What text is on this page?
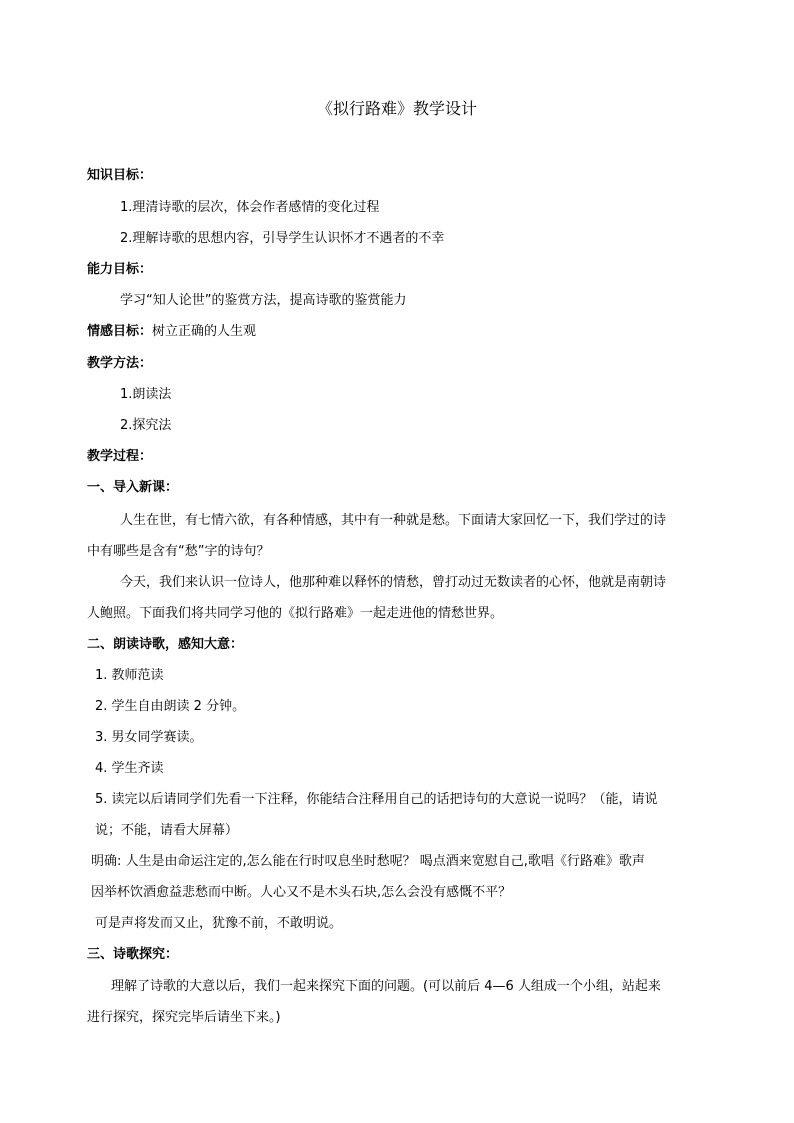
《拟行路难》教学设计
知识目标：
1.理清诗歌的层次，体会作者感情的变化过程
2.理解诗歌的思想内容，引导学生认识怀才不遇者的不幸
能力目标：
学习“知人论世”的鉴赏方法，提高诗歌的鉴赏能力
情感目标：树立正确的人生观
教学方法：
1.朗读法
2.探究法
教学过程：
一、导入新课：
人生在世，有七情六欲，有各种情感，其中有一种就是愁。下面请大家回忆一下，我们学过的诗
中有哪些是含有“愁”字的诗句？
今天，我们来认识一位诗人，他那种难以释怀的情愁，曾打动过无数读者的心怀，他就是南朝诗
人鲍照。下面我们将共同学习他的《拟行路难》一起走进他的情愁世界。
二、朗读诗歌，感知大意：
1. 教师范读
2. 学生自由朗读 2 分钟。
3. 男女同学赛读。
4. 学生齐读
5. 读完以后请同学们先看一下注释，你能结合注释用自己的话把诗句的大意说一说吗？（能，请说
说；不能，请看大屏幕）
明确: 人生是由命运注定的,怎么能在行时叹息坐时愁呢？ 喝点酒来宽慰自己,歌唱《行路难》歌声
因举杯饮酒愈益悲愁而中断。人心又不是木头石块,怎么会没有感慨不平？
可是声将发而又止，犹豫不前，不敢明说。
三、诗歌探究：
理解了诗歌的大意以后，我们一起来探究下面的问题。(可以前后 4—6 人组成一个小组，站起来
进行探究，探究完毕后请坐下来。)
